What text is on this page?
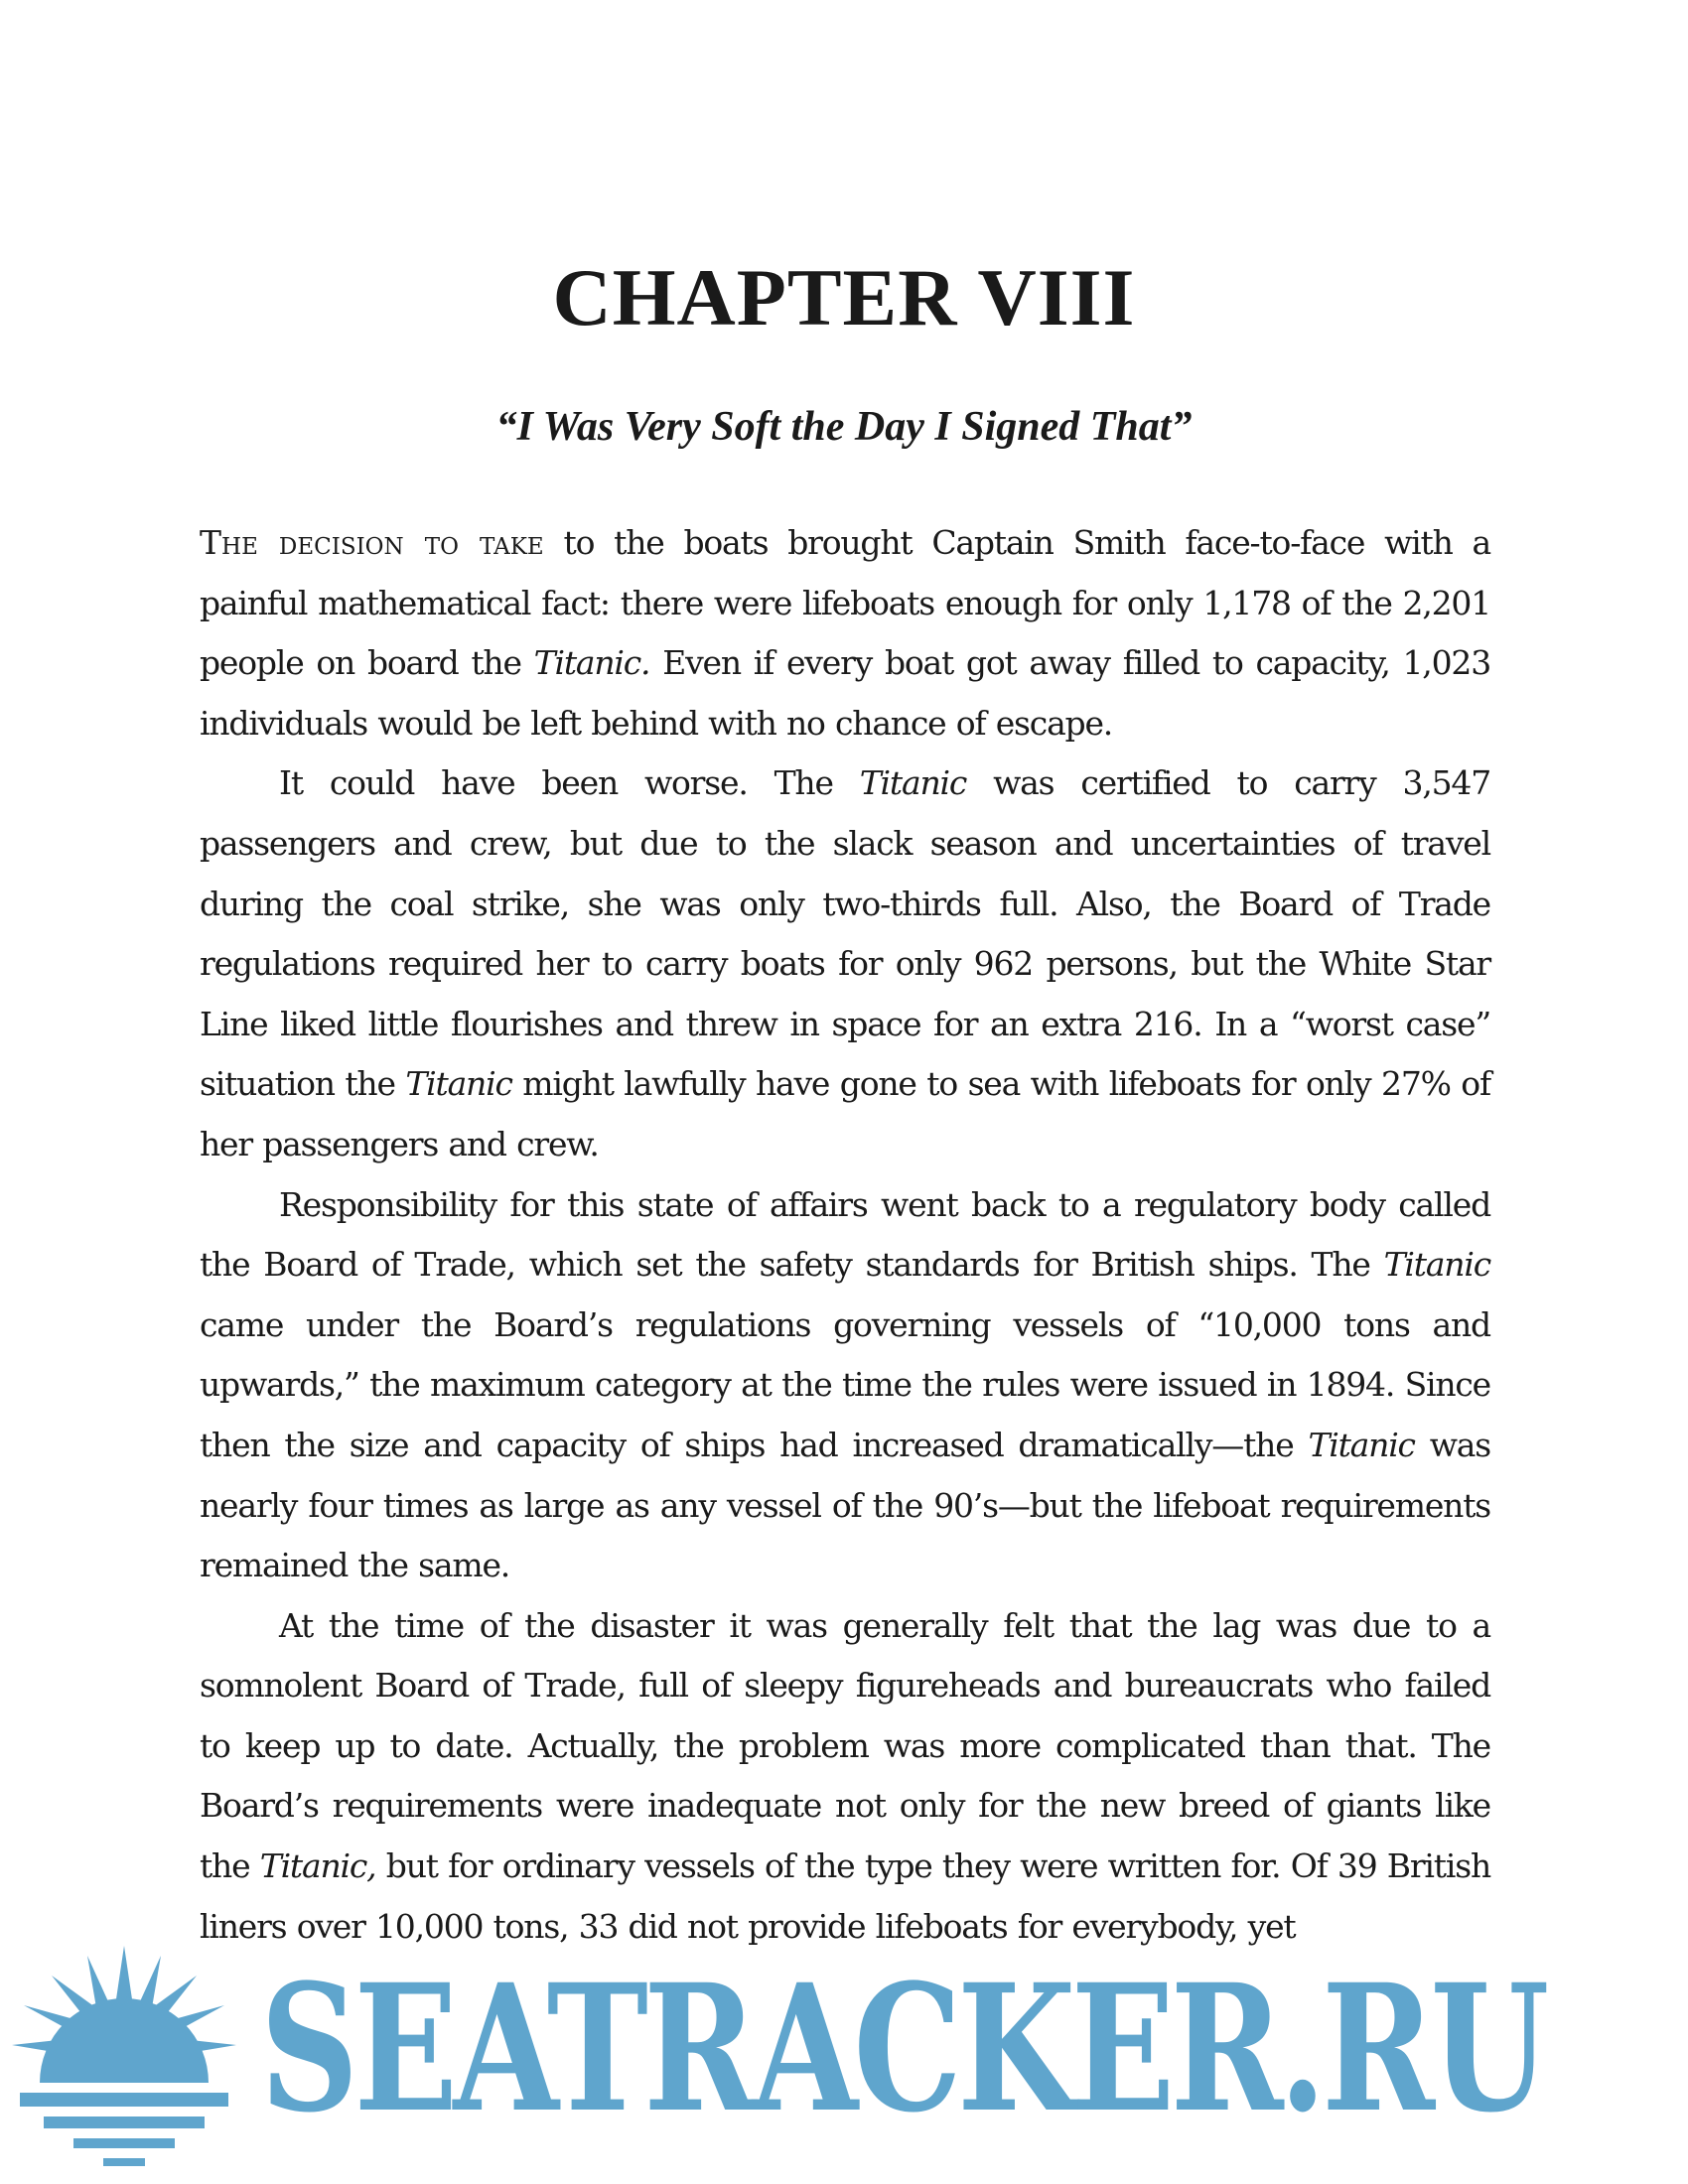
CHAPTER VIII
“I Was Very Soft the Day I Signed That”

The decision to take to the boats brought Captain Smith face-to-face with a painful mathematical fact: there were lifeboats enough for only 1,178 of the 2,201 people on board the Titanic. Even if every boat got away filled to capacity, 1,023 individuals would be left behind with no chance of escape.

It could have been worse. The Titanic was certified to carry 3,547 passengers and crew, but due to the slack season and uncertainties of travel during the coal strike, she was only two-thirds full. Also, the Board of Trade regulations required her to carry boats for only 962 persons, but the White Star Line liked little flourishes and threw in space for an extra 216. In a “worst case” situation the Titanic might lawfully have gone to sea with lifeboats for only 27% of her passengers and crew.

Responsibility for this state of affairs went back to a regulatory body called the Board of Trade, which set the safety standards for British ships. The Titanic came under the Board’s regulations governing vessels of “10,000 tons and upwards,” the maximum category at the time the rules were issued in 1894. Since then the size and capacity of ships had increased dramatically—the Titanic was nearly four times as large as any vessel of the 90’s—but the lifeboat requirements remained the same.

At the time of the disaster it was generally felt that the lag was due to a somnolent Board of Trade, full of sleepy figureheads and bureaucrats who failed to keep up to date. Actually, the problem was more complicated than that. The Board’s requirements were inadequate not only for the new breed of giants like the Titanic, but for ordinary vessels of the type they were written for. Of 39 British liners over 10,000 tons, 33 did not provide lifeboats for everybody, yet

SEATRACKER.RU
